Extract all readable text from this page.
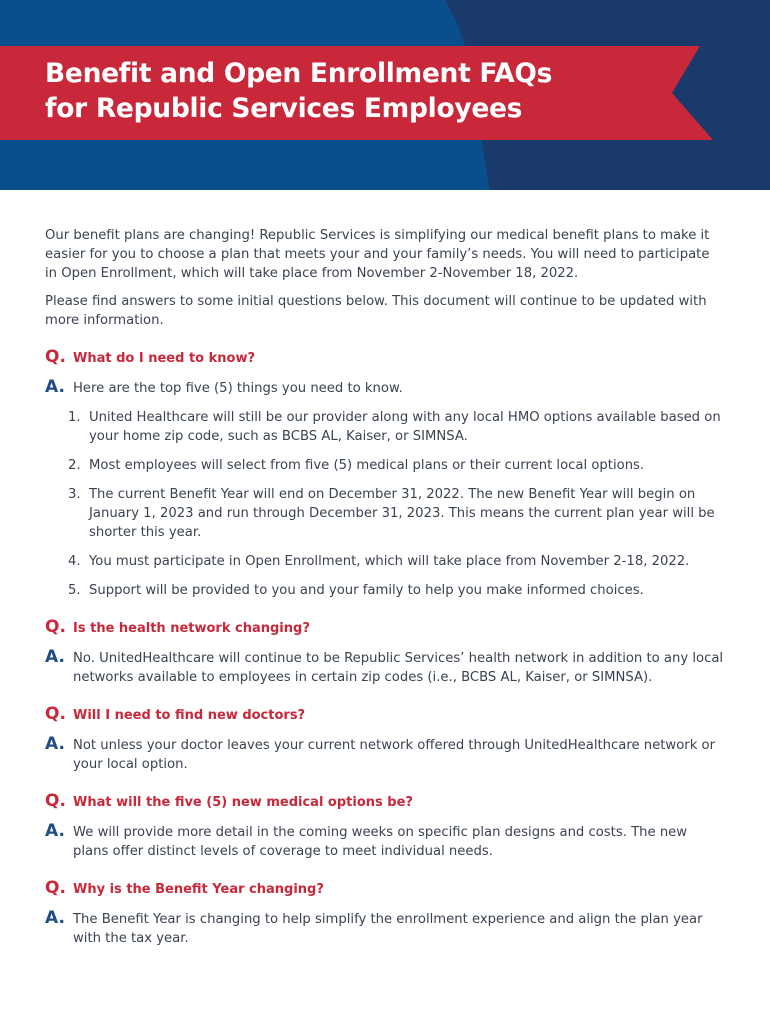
Benefit and Open Enrollment FAQs
for Republic Services Employees

Our benefit plans are changing! Republic Services is simplifying our medical benefit plans to make it easier for you to choose a plan that meets your and your family’s needs. You will need to participate in Open Enrollment, which will take place from November 2-November 18, 2022.

Please find answers to some initial questions below. This document will continue to be updated with more information.

Q. What do I need to know?
A. Here are the top five (5) things you need to know.
1. United Healthcare will still be our provider along with any local HMO options available based on your home zip code, such as BCBS AL, Kaiser, or SIMNSA.
2. Most employees will select from five (5) medical plans or their current local options.
3. The current Benefit Year will end on December 31, 2022. The new Benefit Year will begin on January 1, 2023 and run through December 31, 2023. This means the current plan year will be shorter this year.
4. You must participate in Open Enrollment, which will take place from November 2-18, 2022.
5. Support will be provided to you and your family to help you make informed choices.
Q. Is the health network changing?
A. No. UnitedHealthcare will continue to be Republic Services’ health network in addition to any local networks available to employees in certain zip codes (i.e., BCBS AL, Kaiser, or SIMNSA).
Q. Will I need to find new doctors?
A. Not unless your doctor leaves your current network offered through UnitedHealthcare network or your local option.
Q. What will the five (5) new medical options be?
A. We will provide more detail in the coming weeks on specific plan designs and costs. The new plans offer distinct levels of coverage to meet individual needs.
Q. Why is the Benefit Year changing?
A. The Benefit Year is changing to help simplify the enrollment experience and align the plan year with the tax year.
